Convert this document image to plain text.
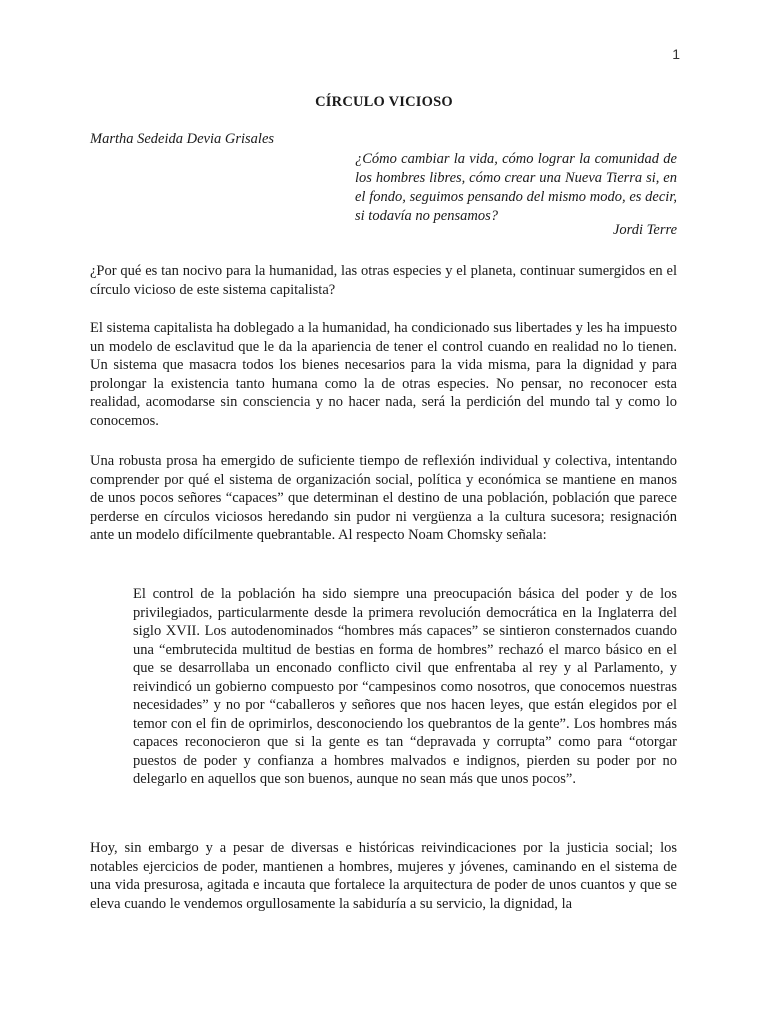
1
CÍRCULO VICIOSO
Martha Sedeida Devia Grisales
¿Cómo cambiar la vida, cómo lograr la comunidad de los hombres libres, cómo crear una Nueva Tierra si, en el fondo, seguimos pensando del mismo modo, es decir, si todavía no pensamos?
Jordi Terre

¿Por qué es tan nocivo para la humanidad, las otras especies y el planeta, continuar sumergidos en el círculo vicioso de este sistema capitalista?

El sistema capitalista ha doblegado a la humanidad, ha condicionado sus libertades y les ha impuesto un modelo de esclavitud que le da la apariencia de tener el control cuando en realidad no lo tienen. Un sistema que masacra todos los bienes necesarios para la vida misma, para la dignidad y para prolongar la existencia tanto humana como la de otras especies. No pensar, no reconocer esta realidad, acomodarse sin consciencia y no hacer nada, será la perdición del mundo tal y como lo conocemos.

Una robusta prosa ha emergido de suficiente tiempo de reflexión individual y colectiva, intentando comprender por qué el sistema de organización social, política y económica se mantiene en manos de unos pocos señores “capaces” que determinan el destino de una población, población que parece perderse en círculos viciosos heredando sin pudor ni vergüenza a la cultura sucesora; resignación ante un modelo difícilmente quebrantable. Al respecto Noam Chomsky señala:

El control de la población ha sido siempre una preocupación básica del poder y de los privilegiados, particularmente desde la primera revolución democrática en la Inglaterra del siglo XVII. Los autodenominados “hombres más capaces” se sintieron consternados cuando una “embrutecida multitud de bestias en forma de hombres” rechazó el marco básico en el que se desarrollaba un enconado conflicto civil que enfrentaba al rey y al Parlamento, y reivindicó un gobierno compuesto por “campesinos como nosotros, que conocemos nuestras necesidades” y no por “caballeros y señores que nos hacen leyes, que están elegidos por el temor con el fin de oprimirlos, desconociendo los quebrantos de la gente”. Los hombres más capaces reconocieron que si la gente es tan “depravada y corrupta” como para “otorgar puestos de poder y confianza a hombres malvados e indignos, pierden su poder por no delegarlo en aquellos que son buenos, aunque no sean más que unos pocos”.

Hoy, sin embargo y a pesar de diversas e históricas reivindicaciones por la justicia social; los notables ejercicios de poder, mantienen a hombres, mujeres y jóvenes, caminando en el sistema de una vida presurosa, agitada e incauta que fortalece la arquitectura de poder de unos cuantos y que se eleva cuando le vendemos orgullosamente la sabiduría a su servicio, la dignidad, la
